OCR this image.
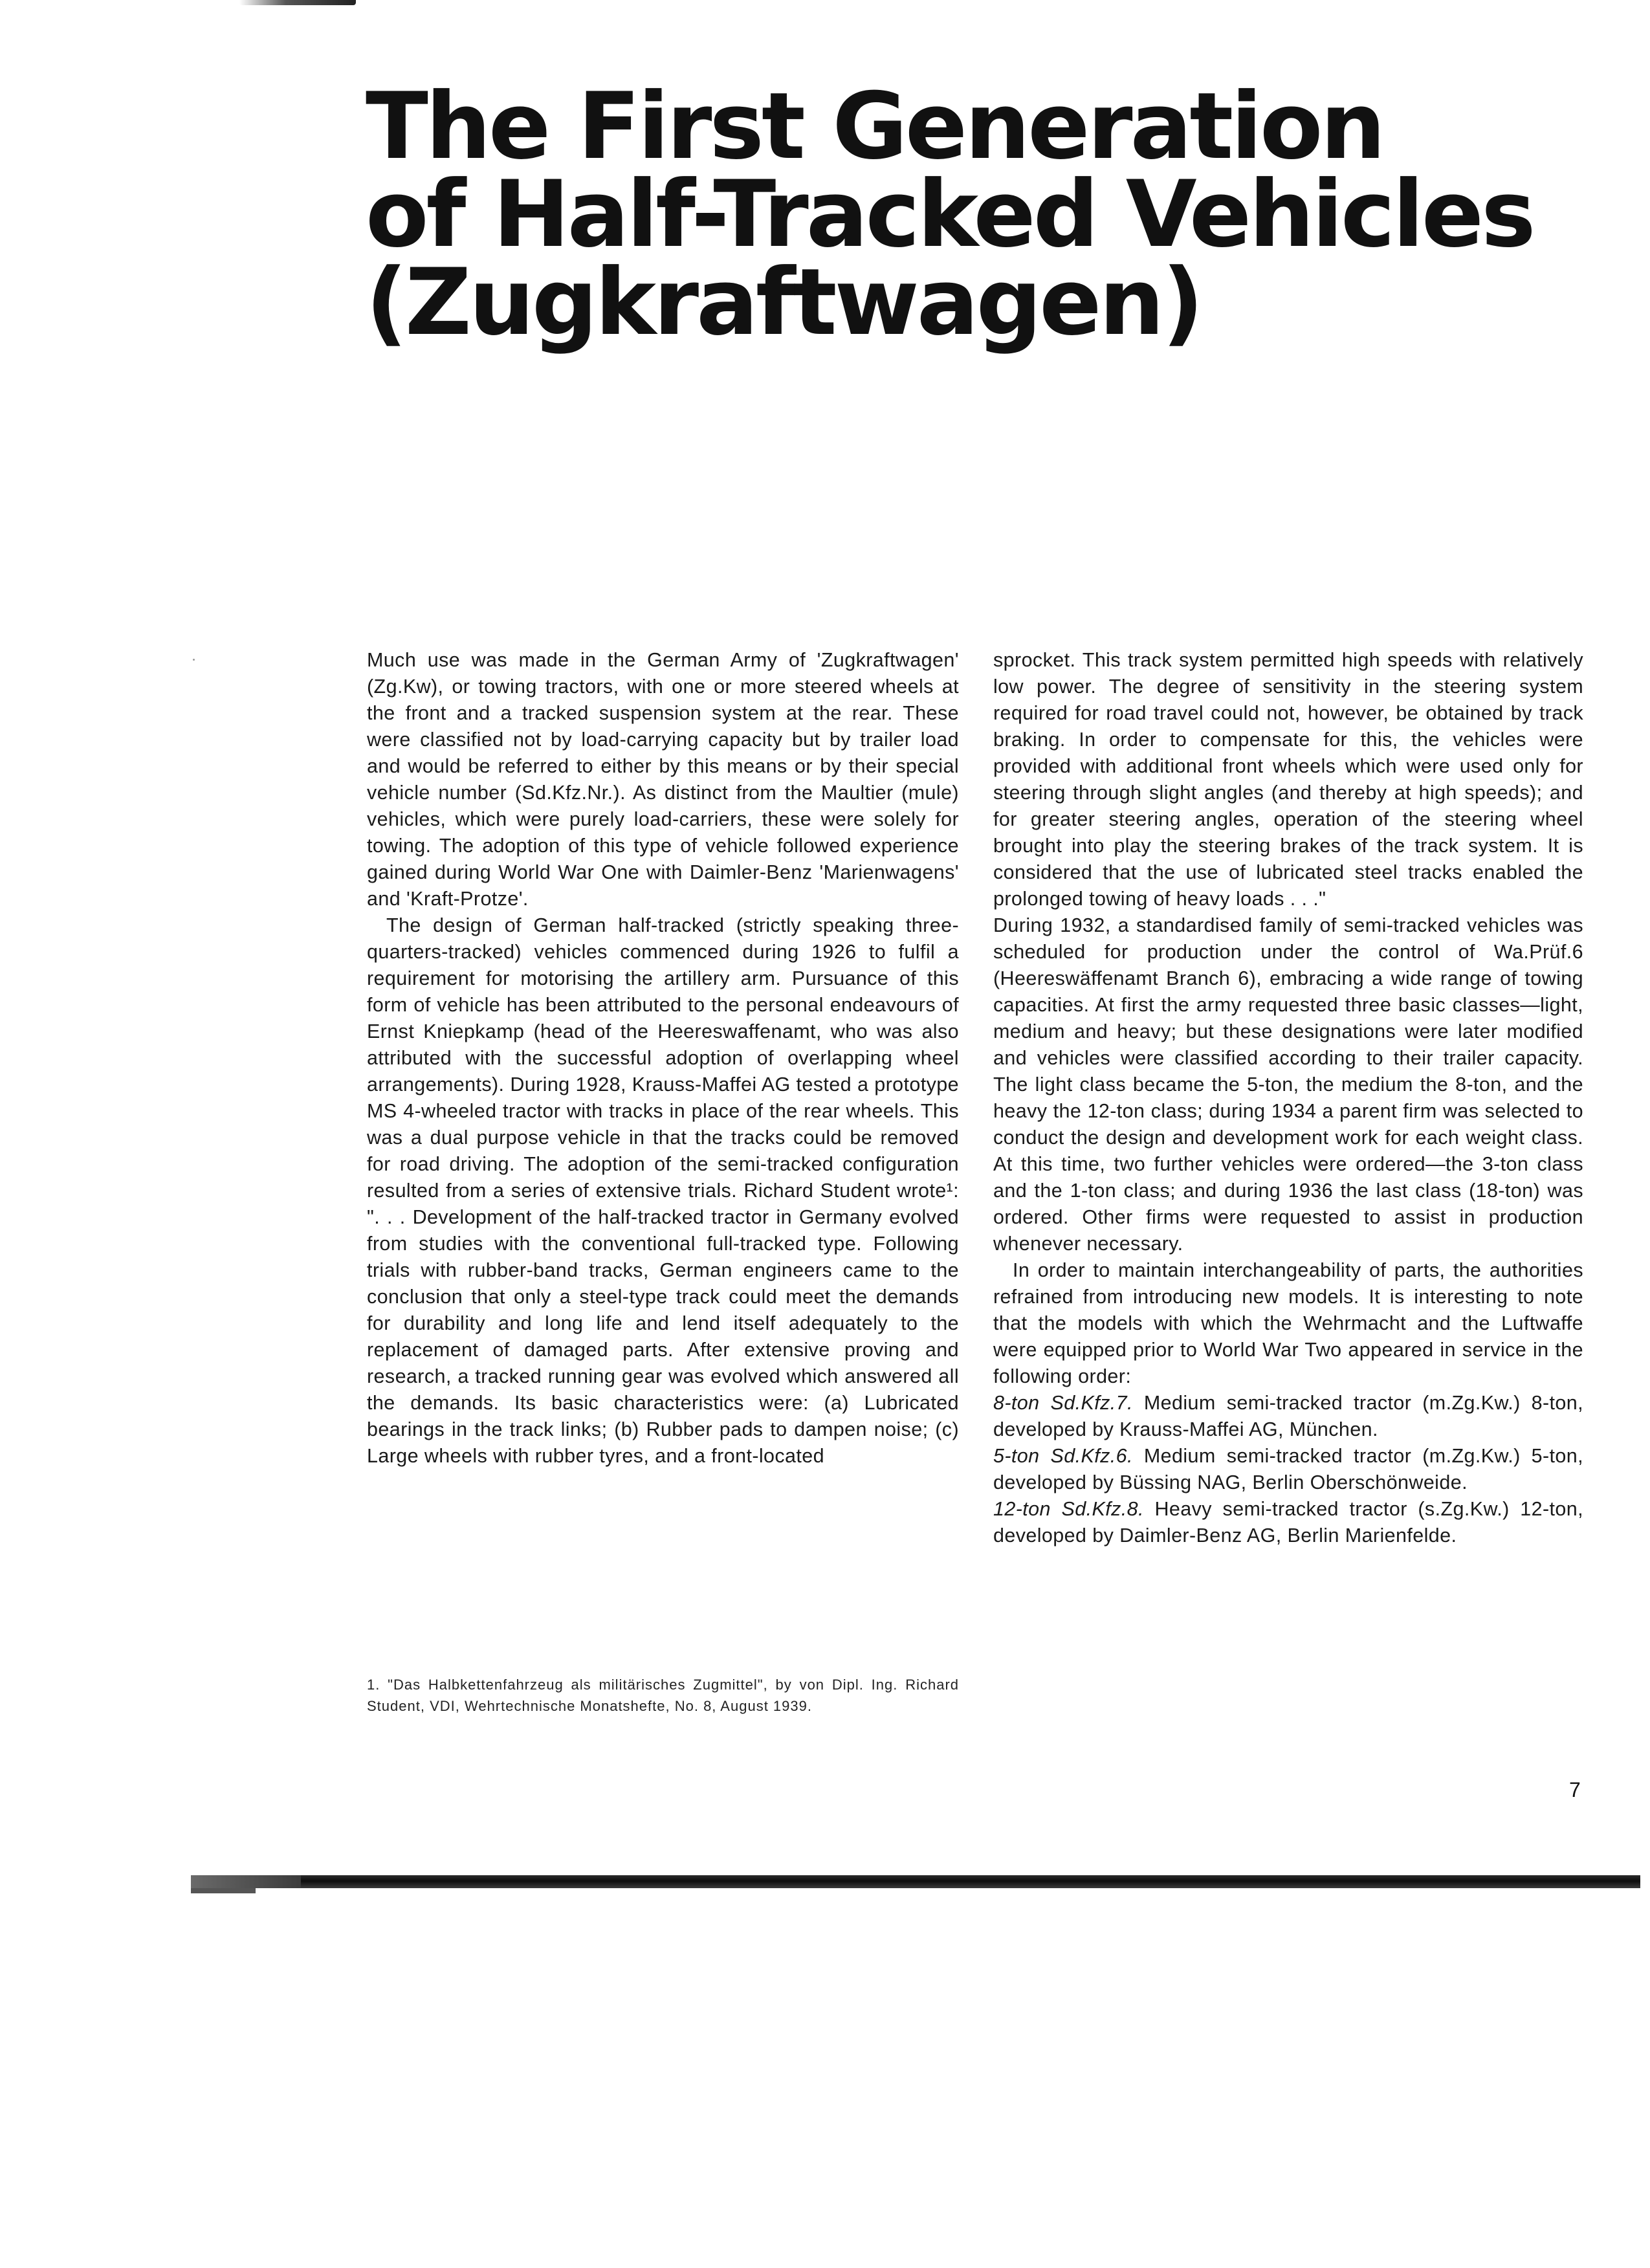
The First Generation
of Half-Tracked Vehicles
(Zugkraftwagen)

Much use was made in the German Army of 'Zugkraftwagen' (Zg.Kw), or towing tractors, with one or more steered wheels at the front and a tracked suspension system at the rear. These were classified not by load-carrying capacity but by trailer load and would be referred to either by this means or by their special vehicle number (Sd.Kfz.Nr.). As distinct from the Maultier (mule) vehicles, which were purely load-carriers, these were solely for towing. The adoption of this type of vehicle followed experience gained during World War One with Daimler-Benz 'Marienwagens' and 'Kraft-Protze'.

The design of German half-tracked (strictly speaking three-quarters-tracked) vehicles commenced during 1926 to fulfil a requirement for motorising the artillery arm. Pursuance of this form of vehicle has been attributed to the personal endeavours of Ernst Kniepkamp (head of the Heereswaffenamt, who was also attributed with the successful adoption of overlapping wheel arrangements). During 1928, Krauss-Maffei AG tested a prototype MS 4-wheeled tractor with tracks in place of the rear wheels. This was a dual purpose vehicle in that the tracks could be removed for road driving. The adoption of the semi-tracked configuration resulted from a series of extensive trials. Richard Student wrote¹: ". . . Development of the half-tracked tractor in Germany evolved from studies with the conventional full-tracked type. Following trials with rubber-band tracks, German engineers came to the conclusion that only a steel-type track could meet the demands for durability and long life and lend itself adequately to the replacement of damaged parts. After extensive proving and research, a tracked running gear was evolved which answered all the demands. Its basic characteristics were: (a) Lubricated bearings in the track links; (b) Rubber pads to dampen noise; (c) Large wheels with rubber tyres, and a front-located

1. "Das Halbkettenfahrzeug als militärisches Zugmittel", by von Dipl. Ing. Richard Student, VDI, Wehrtechnische Monatshefte, No. 8, August 1939.

sprocket. This track system permitted high speeds with relatively low power. The degree of sensitivity in the steering system required for road travel could not, however, be obtained by track braking. In order to compensate for this, the vehicles were provided with additional front wheels which were used only for steering through slight angles (and thereby at high speeds); and for greater steering angles, operation of the steering wheel brought into play the steering brakes of the track system. It is considered that the use of lubricated steel tracks enabled the prolonged towing of heavy loads . . ."

During 1932, a standardised family of semi-tracked vehicles was scheduled for production under the control of Wa.Prüf.6 (Heereswäffenamt Branch 6), embracing a wide range of towing capacities. At first the army requested three basic classes—light, medium and heavy; but these designations were later modified and vehicles were classified according to their trailer capacity. The light class became the 5-ton, the medium the 8-ton, and the heavy the 12-ton class; during 1934 a parent firm was selected to conduct the design and development work for each weight class. At this time, two further vehicles were ordered—the 3-ton class and the 1-ton class; and during 1936 the last class (18-ton) was ordered. Other firms were requested to assist in production whenever necessary.

In order to maintain interchangeability of parts, the authorities refrained from introducing new models. It is interesting to note that the models with which the Wehrmacht and the Luftwaffe were equipped prior to World War Two appeared in service in the following order:

8-ton Sd.Kfz.7. Medium semi-tracked tractor (m.Zg.Kw.) 8-ton, developed by Krauss-Maffei AG, München.

5-ton Sd.Kfz.6. Medium semi-tracked tractor (m.Zg.Kw.) 5-ton, developed by Büssing NAG, Berlin Oberschönweide.

12-ton Sd.Kfz.8. Heavy semi-tracked tractor (s.Zg.Kw.) 12-ton, developed by Daimler-Benz AG, Berlin Marienfelde.

7
